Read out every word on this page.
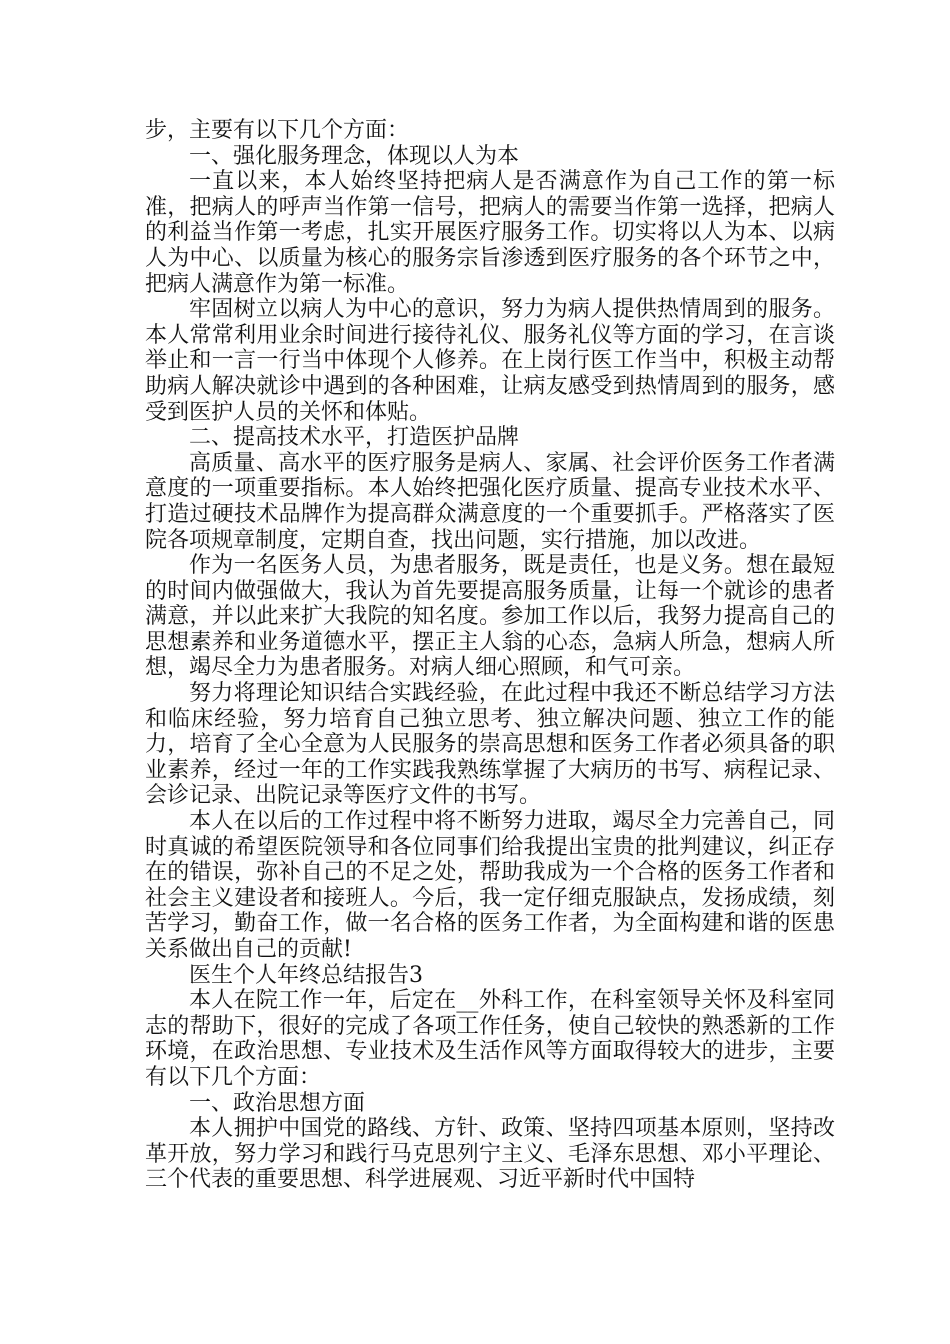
步，主要有以下几个方面：

一、强化服务理念，体现以人为本

一直以来，本人始终坚持把病人是否满意作为自己工作的第一标准，把病人的呼声当作第一信号，把病人的需要当作第一选择，把病人的利益当作第一考虑，扎实开展医疗服务工作。切实将以人为本、以病人为中心、以质量为核心的服务宗旨渗透到医疗服务的各个环节之中，把病人满意作为第一标准。

牢固树立以病人为中心的意识，努力为病人提供热情周到的服务。本人常常利用业余时间进行接待礼仪、服务礼仪等方面的学习，在言谈举止和一言一行当中体现个人修养。在上岗行医工作当中，积极主动帮助病人解决就诊中遇到的各种困难，让病友感受到热情周到的服务，感受到医护人员的关怀和体贴。

二、提高技术水平，打造医护品牌

高质量、高水平的医疗服务是病人、家属、社会评价医务工作者满意度的一项重要指标。本人始终把强化医疗质量、提高专业技术水平、打造过硬技术品牌作为提高群众满意度的一个重要抓手。严格落实了医院各项规章制度，定期自查，找出问题，实行措施，加以改进。

作为一名医务人员，为患者服务，既是责任，也是义务。想在最短的时间内做强做大，我认为首先要提高服务质量，让每一个就诊的患者满意，并以此来扩大我院的知名度。参加工作以后，我努力提高自己的思想素养和业务道德水平，摆正主人翁的心态，急病人所急，想病人所想，竭尽全力为患者服务。对病人细心照顾，和气可亲。

努力将理论知识结合实践经验，在此过程中我还不断总结学习方法和临床经验，努力培育自己独立思考、独立解决问题、独立工作的能力，培育了全心全意为人民服务的崇高思想和医务工作者必须具备的职业素养，经过一年的工作实践我熟练掌握了大病历的书写、病程记录、会诊记录、出院记录等医疗文件的书写。

本人在以后的工作过程中将不断努力进取，竭尽全力完善自己，同时真诚的希望医院领导和各位同事们给我提出宝贵的批判建议，纠正存在的错误，弥补自己的不足之处，帮助我成为一个合格的医务工作者和社会主义建设者和接班人。今后，我一定仔细克服缺点，发扬成绩，刻苦学习，勤奋工作，做一名合格的医务工作者，为全面构建和谐的医患关系做出自己的贡献!

医生个人年终总结报告3

本人在院工作一年，后定在__外科工作，在科室领导关怀及科室同志的帮助下，很好的完成了各项工作任务，使自己较快的熟悉新的工作环境，在政治思想、专业技术及生活作风等方面取得较大的进步，主要有以下几个方面：

一、政治思想方面

本人拥护中国党的路线、方针、政策、坚持四项基本原则，坚持改革开放，努力学习和践行马克思列宁主义、毛泽东思想、邓小平理论、三个代表的重要思想、科学进展观、习近平新时代中国特
